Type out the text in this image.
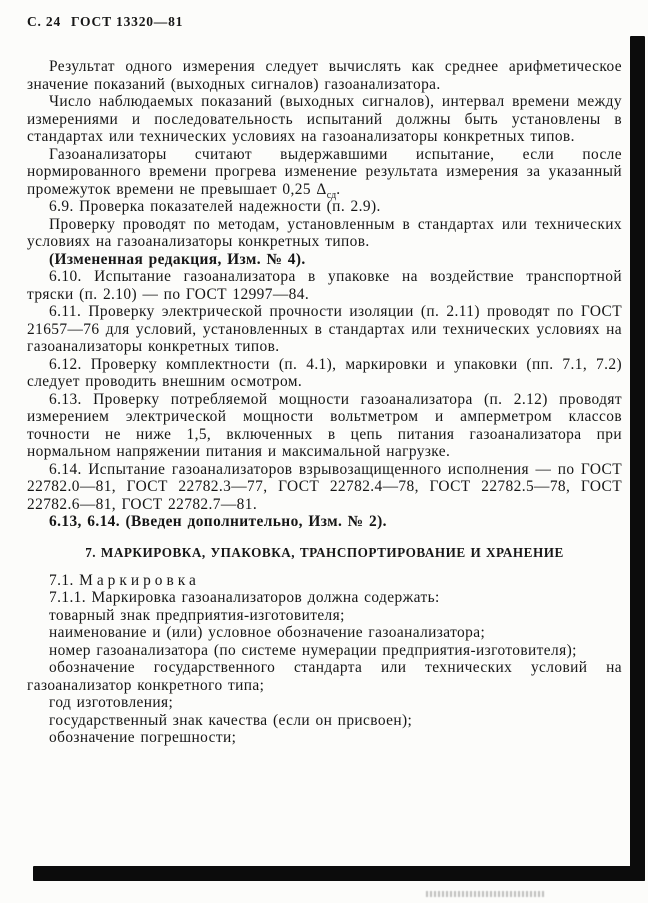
С. 24 ГОСТ 13320—81

Результат одного измерения следует вычислять как среднее арифметическое значение показаний (выходных сигналов) газоанализатора.

Число наблюдаемых показаний (выходных сигналов), интервал времени между измерениями и последовательность испытаний должны быть установлены в стандартах или технических условиях на газоанализаторы конкретных типов.

Газоанализаторы считают выдержавшими испытание, если после нормированного времени прогрева изменение результата измерения за указанный промежуток времени не превышает 0,25 $\Delta_{сд}$.

6.9. Проверка показателей надежности (п. 2.9).

Проверку проводят по методам, установленным в стандартах или технических условиях на газоанализаторы конкретных типов.

(Измененная редакция, Изм. № 4).

6.10. Испытание газоанализатора в упаковке на воздействие транспортной тряски (п. 2.10) — по ГОСТ 12997—84.

6.11. Проверку электрической прочности изоляции (п. 2.11) проводят по ГОСТ 21657—76 для условий, установленных в стандартах или технических условиях на газоанализаторы конкретных типов.

6.12. Проверку комплектности (п. 4.1), маркировки и упаковки (пп. 7.1, 7.2) следует проводить внешним осмотром.

6.13. Проверку потребляемой мощности газоанализатора (п. 2.12) проводят измерением электрической мощности вольтметром и амперметром классов точности не ниже 1,5, включенных в цепь питания газоанализатора при нормальном напряжении питания и максимальной нагрузке.

6.14. Испытание газоанализаторов взрывозащищенного исполнения — по ГОСТ 22782.0—81, ГОСТ 22782.3—77, ГОСТ 22782.4—78, ГОСТ 22782.5—78, ГОСТ 22782.6—81, ГОСТ 22782.7—81.

6.13, 6.14. (Введен дополнительно, Изм. № 2).

7. МАРКИРОВКА, УПАКОВКА, ТРАНСПОРТИРОВАНИЕ И ХРАНЕНИЕ

7.1. Маркировка

7.1.1. Маркировка газоанализаторов должна содержать:

товарный знак предприятия-изготовителя;

наименование и (или) условное обозначение газоанализатора;

номер газоанализатора (по системе нумерации предприятия-изготовителя);

обозначение государственного стандарта или технических условий на газоанализатор конкретного типа;

год изготовления;

государственный знак качества (если он присвоен);

обозначение погрешности;
